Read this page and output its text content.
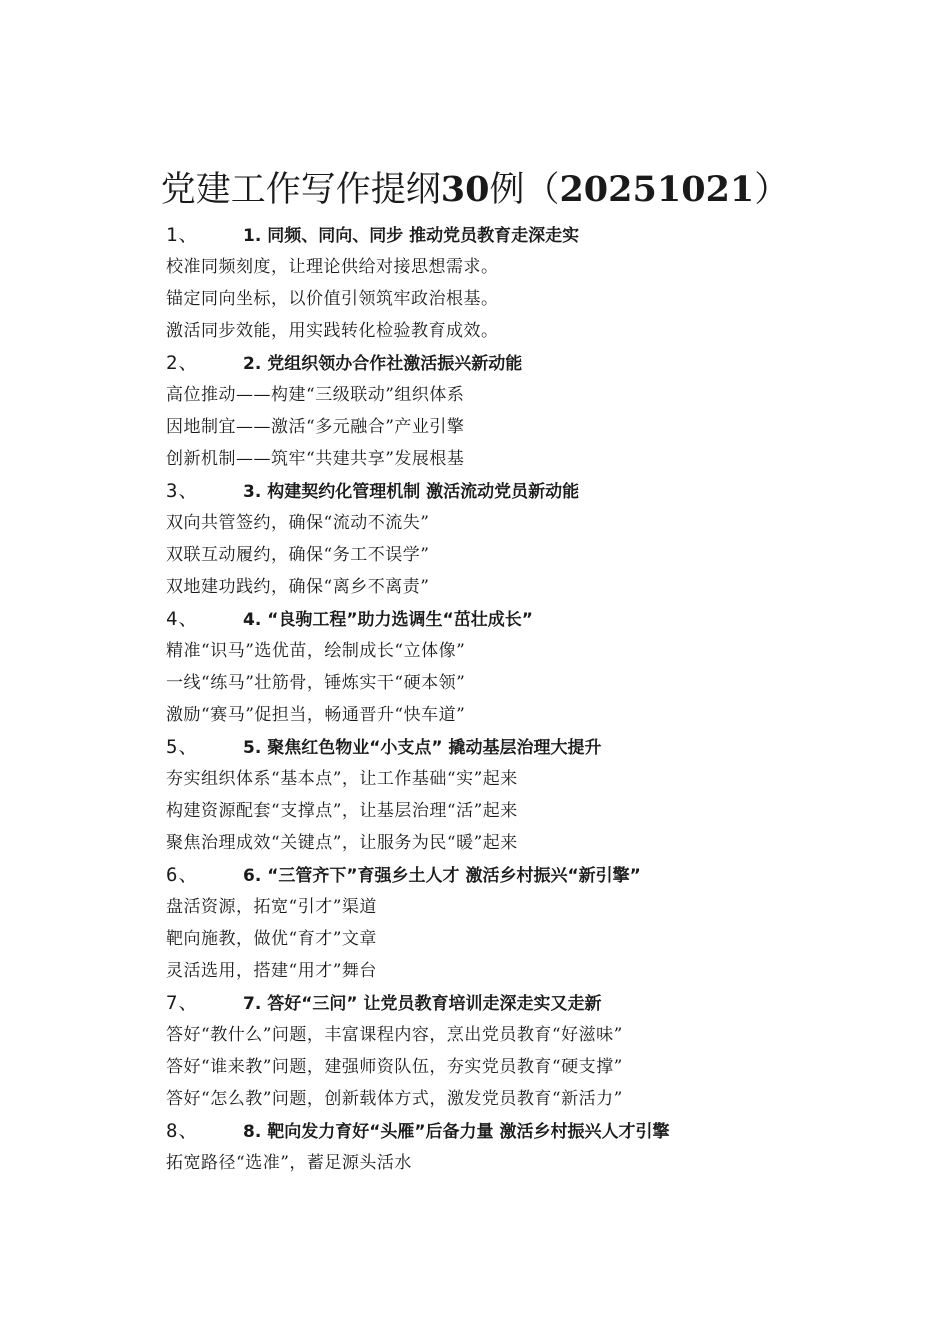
党建工作写作提纲30例（20251021）
1、	1. 同频、同向、同步 推动党员教育走深走实
校准同频刻度，让理论供给对接思想需求。
锚定同向坐标，以价值引领筑牢政治根基。
激活同步效能，用实践转化检验教育成效。
2、	2. 党组织领办合作社激活振兴新动能
高位推动——构建“三级联动”组织体系
因地制宜——激活“多元融合”产业引擎
创新机制——筑牢“共建共享”发展根基
3、	3. 构建契约化管理机制 激活流动党员新动能
双向共管签约，确保“流动不流失”
双联互动履约，确保“务工不误学”
双地建功践约，确保“离乡不离责”
4、	4. “良驹工程”助力选调生“茁壮成长”
精准“识马”选优苗，绘制成长“立体像”
一线“练马”壮筋骨，锤炼实干“硬本领”
激励“赛马”促担当，畅通晋升“快车道”
5、	5. 聚焦红色物业“小支点” 撬动基层治理大提升
夯实组织体系“基本点”，让工作基础“实”起来
构建资源配套“支撑点”，让基层治理“活”起来
聚焦治理成效“关键点”，让服务为民“暖”起来
6、	6. “三管齐下”育强乡土人才 激活乡村振兴“新引擎”
盘活资源，拓宽“引才”渠道
靶向施教，做优“育才”文章
灵活选用，搭建“用才”舞台
7、	7. 答好“三问” 让党员教育培训走深走实又走新
答好“教什么”问题，丰富课程内容，烹出党员教育“好滋味”
答好“谁来教”问题，建强师资队伍，夯实党员教育“硬支撑”
答好“怎么教”问题，创新载体方式，激发党员教育“新活力”
8、	8. 靶向发力育好“头雁”后备力量 激活乡村振兴人才引擎
拓宽路径“选准”，蓄足源头活水
